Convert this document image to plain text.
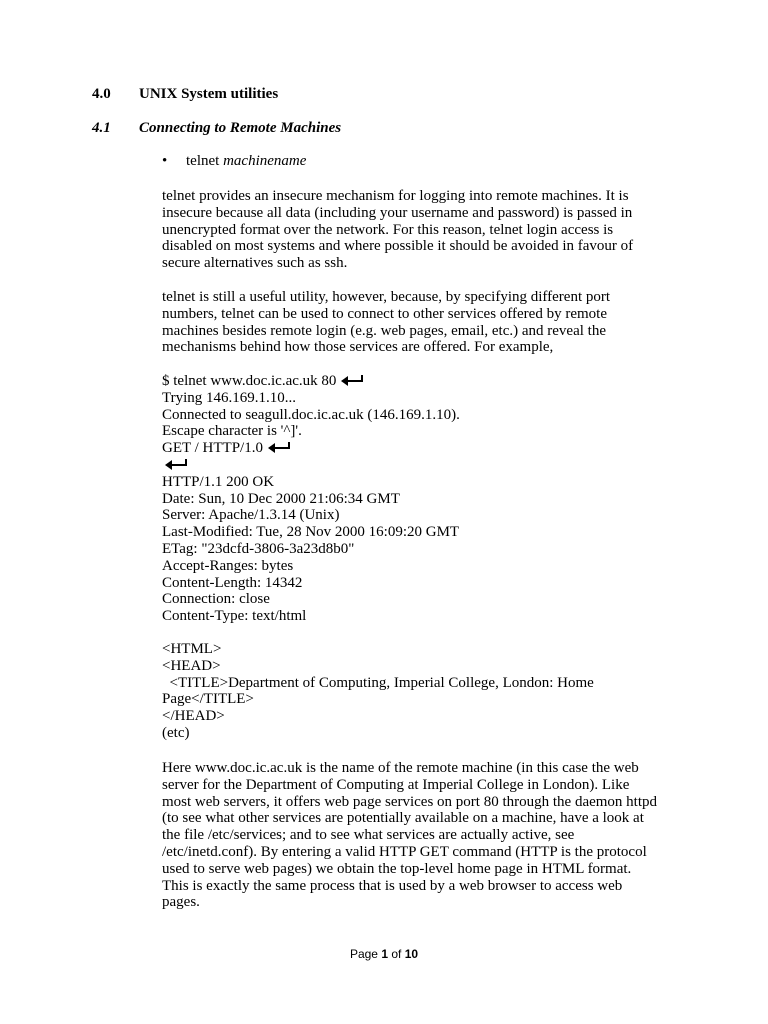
4.0 UNIX System utilities
4.1 Connecting to Remote Machines
• telnet machinename
telnet provides an insecure mechanism for logging into remote machines. It is
insecure because all data (including your username and password) is passed in
unencrypted format over the network. For this reason, telnet login access is
disabled on most systems and where possible it should be avoided in favour of
secure alternatives such as ssh.
telnet is still a useful utility, however, because, by specifying different port
numbers, telnet can be used to connect to other services offered by remote
machines besides remote login (e.g. web pages, email, etc.) and reveal the
mechanisms behind how those services are offered. For example,
$ telnet www.doc.ic.ac.uk 80
Trying 146.169.1.10...
Connected to seagull.doc.ic.ac.uk (146.169.1.10).
Escape character is '^]'.
GET / HTTP/1.0
HTTP/1.1 200 OK
Date: Sun, 10 Dec 2000 21:06:34 GMT
Server: Apache/1.3.14 (Unix)
Last-Modified: Tue, 28 Nov 2000 16:09:20 GMT
ETag: "23dcfd-3806-3a23d8b0"
Accept-Ranges: bytes
Content-Length: 14342
Connection: close
Content-Type: text/html
<HTML>
<HEAD>
<TITLE>Department of Computing, Imperial College, London: Home
Page</TITLE>
</HEAD>
(etc)
Here www.doc.ic.ac.uk is the name of the remote machine (in this case the web
server for the Department of Computing at Imperial College in London). Like
most web servers, it offers web page services on port 80 through the daemon httpd
(to see what other services are potentially available on a machine, have a look at
the file /etc/services; and to see what services are actually active, see
/etc/inetd.conf). By entering a valid HTTP GET command (HTTP is the protocol
used to serve web pages) we obtain the top-level home page in HTML format.
This is exactly the same process that is used by a web browser to access web
pages.
Page 1 of 10
